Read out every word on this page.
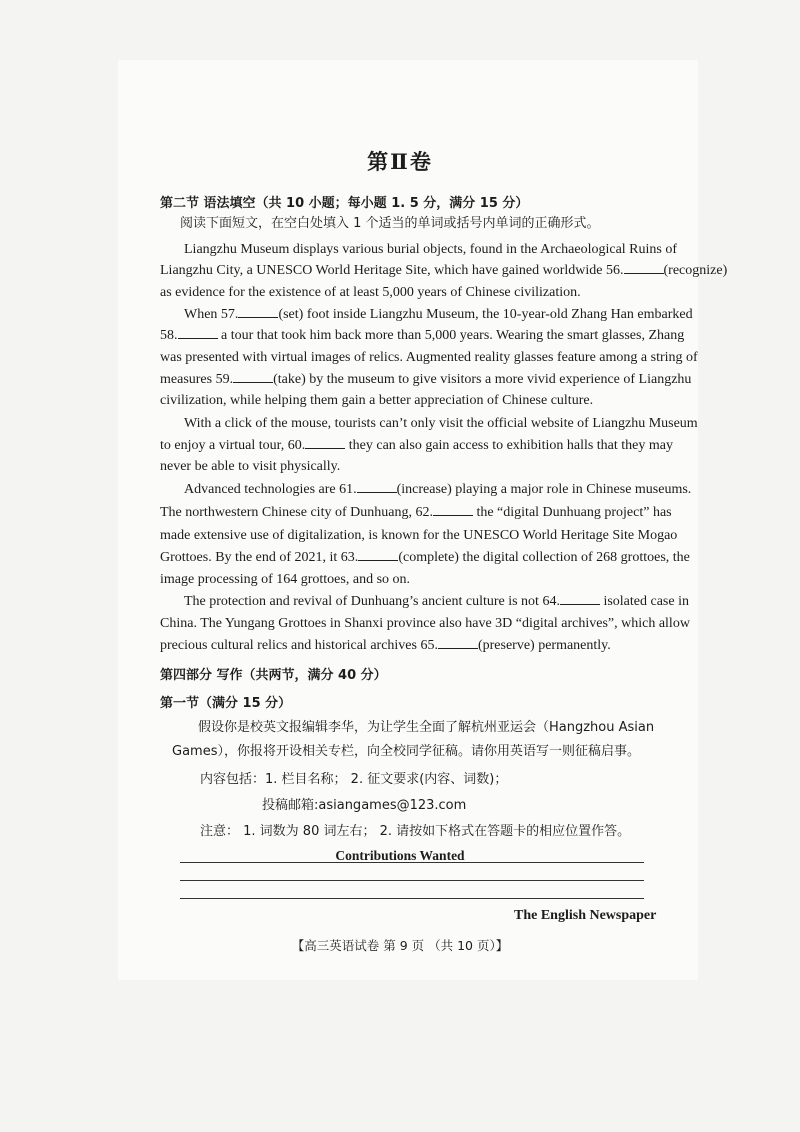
第Ⅱ卷
第二节 语法填空（共 10 小题；每小题 1. 5 分，满分 15 分）
阅读下面短文，在空白处填入 1 个适当的单词或括号内单词的正确形式。
Liangzhu Museum displays various burial objects, found in the Archaeological Ruins of
Liangzhu City, a UNESCO World Heritage Site, which have gained worldwide 56.	(recognize)
as evidence for the existence of at least 5,000 years of Chinese civilization.
When 57.	(set) foot inside Liangzhu Museum, the 10-year-old Zhang Han embarked
58.	a tour that took him back more than 5,000 years. Wearing the smart glasses, Zhang
was presented with virtual images of relics. Augmented reality glasses feature among a string of
measures 59.	(take) by the museum to give visitors a more vivid experience of Liangzhu
civilization, while helping them gain a better appreciation of Chinese culture.
With a click of the mouse, tourists can’t only visit the official website of Liangzhu Museum
to enjoy a virtual tour, 60.	they can also gain access to exhibition halls that they may
never be able to visit physically.
Advanced technologies are 61.	(increase) playing a major role in Chinese museums.
The northwestern Chinese city of Dunhuang, 62.	the “digital Dunhuang project” has
made extensive use of digitalization, is known for the UNESCO World Heritage Site Mogao
Grottoes. By the end of 2021, it 63.	(complete) the digital collection of 268 grottoes, the
image processing of 164 grottoes, and so on.
The protection and revival of Dunhuang’s ancient culture is not 64.	isolated case in
China. The Yungang Grottoes in Shanxi province also have 3D “digital archives”, which allow
precious cultural relics and historical archives 65.	(preserve) permanently.
第四部分 写作（共两节，满分 40 分）
第一节（满分 15 分）
假设你是校英文报编辑李华，为让学生全面了解杭州亚运会（Hangzhou Asian
Games），你报将开设相关专栏，向全校同学征稿。请你用英语写一则征稿启事。
内容包括：1. 栏目名称； 2. 征文要求(内容、词数)；
投稿邮箱:asiangames@123.com
注意： 1. 词数为 80 词左右； 2. 请按如下格式在答题卡的相应位置作答。
Contributions Wanted
The English Newspaper
【高三英语试卷 第 9 页 （共 10 页）】
